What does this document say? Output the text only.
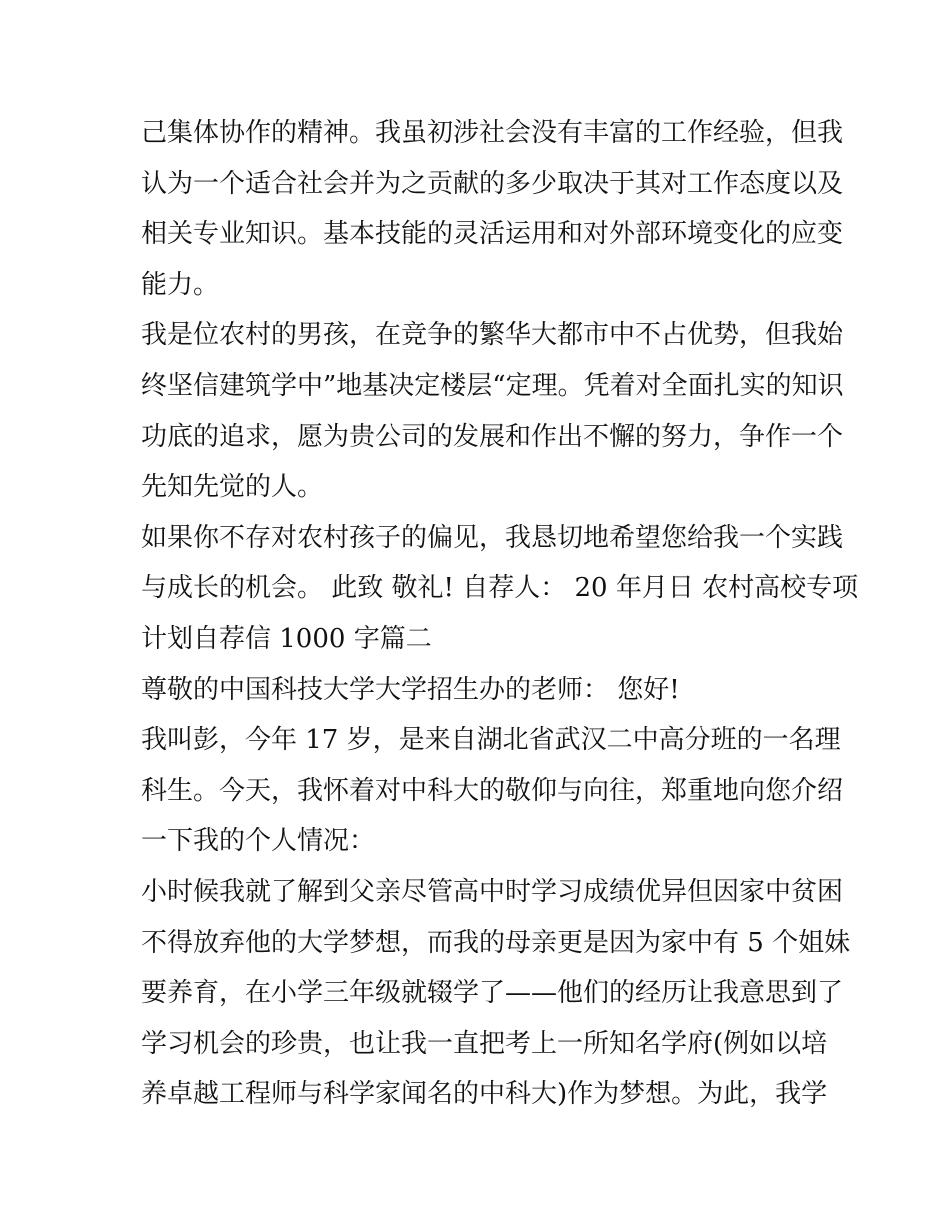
己集体协作的精神。我虽初涉社会没有丰富的工作经验，但我
认为一个适合社会并为之贡献的多少取决于其对工作态度以及
相关专业知识。基本技能的灵活运用和对外部环境变化的应变
能力。
我是位农村的男孩，在竞争的繁华大都市中不占优势，但我始
终坚信建筑学中”地基决定楼层“定理。凭着对全面扎实的知识
功底的追求，愿为贵公司的发展和作出不懈的努力，争作一个
先知先觉的人。
如果你不存对农村孩子的偏见，我恳切地希望您给我一个实践
与成长的机会。 此致 敬礼! 自荐人： 20 年月日 农村高校专项
计划自荐信 1000 字篇二
尊敬的中国科技大学大学招生办的老师： 您好!
我叫彭，今年 17 岁，是来自湖北省武汉二中高分班的一名理
科生。今天，我怀着对中科大的敬仰与向往，郑重地向您介绍
一下我的个人情况：
小时候我就了解到父亲尽管高中时学习成绩优异但因家中贫困
不得放弃他的大学梦想，而我的母亲更是因为家中有 5 个姐妹
要养育，在小学三年级就辍学了——他们的经历让我意思到了
学习机会的珍贵，也让我一直把考上一所知名学府(例如以培
养卓越工程师与科学家闻名的中科大)作为梦想。为此，我学
